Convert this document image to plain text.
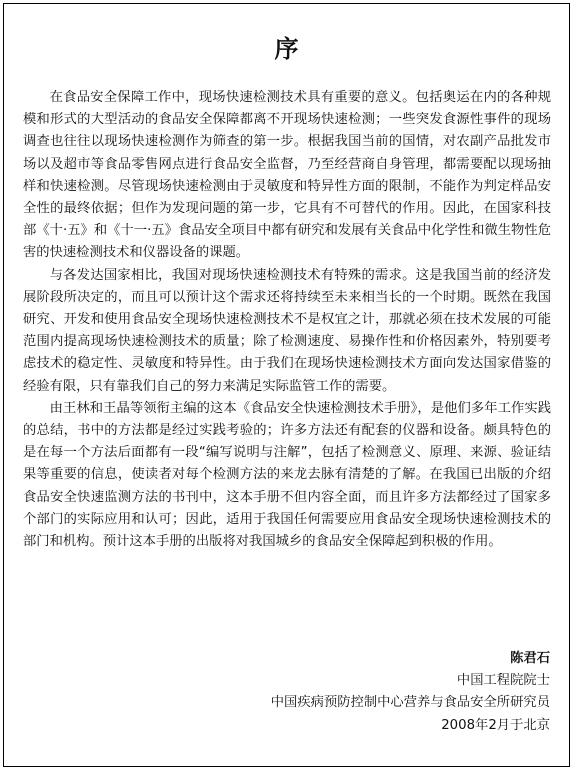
序

在食品安全保障工作中，现场快速检测技术具有重要的意义。包括奥运在内的各种规模和形式的大型活动的食品安全保障都离不开现场快速检测；一些突发食源性事件的现场调查也往往以现场快速检测作为筛查的第一步。根据我国当前的国情，对农副产品批发市场以及超市等食品零售网点进行食品安全监督，乃至经营商自身管理，都需要配以现场抽样和快速检测。尽管现场快速检测由于灵敏度和特异性方面的限制，不能作为判定样品安全性的最终依据；但作为发现问题的第一步，它具有不可替代的作用。因此，在国家科技部《十·五》和《十一·五》食品安全项目中都有研究和发展有关食品中化学性和微生物性危害的快速检测技术和仪器设备的课题。

与各发达国家相比，我国对现场快速检测技术有特殊的需求。这是我国当前的经济发展阶段所决定的，而且可以预计这个需求还将持续至未来相当长的一个时期。既然在我国研究、开发和使用食品安全现场快速检测技术不是权宜之计，那就必须在技术发展的可能范围内提高现场快速检测技术的质量；除了检测速度、易操作性和价格因素外，特别要考虑技术的稳定性、灵敏度和特异性。由于我们在现场快速检测技术方面向发达国家借鉴的经验有限，只有靠我们自己的努力来满足实际监管工作的需要。

由王林和王晶等领衔主编的这本《食品安全快速检测技术手册》，是他们多年工作实践的总结，书中的方法都是经过实践考验的；许多方法还有配套的仪器和设备。颇具特色的是在每一个方法后面都有一段“编写说明与注解”，包括了检测意义、原理、来源、验证结果等重要的信息，使读者对每个检测方法的来龙去脉有清楚的了解。在我国已出版的介绍食品安全快速监测方法的书刊中，这本手册不但内容全面，而且许多方法都经过了国家多个部门的实际应用和认可；因此，适用于我国任何需要应用食品安全现场快速检测技术的部门和机构。预计这本手册的出版将对我国城乡的食品安全保障起到积极的作用。

陈君石
中国工程院院士
中国疾病预防控制中心营养与食品安全所研究员
2008年2月于北京
